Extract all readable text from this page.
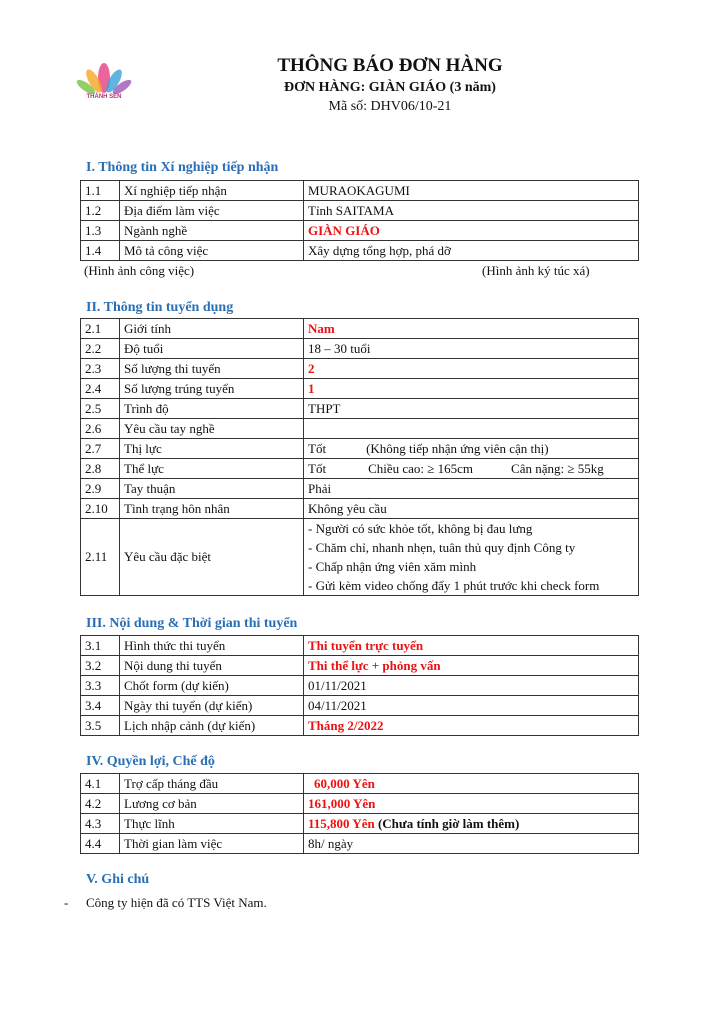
THÀNH SEN
THÔNG BÁO ĐƠN HÀNG
ĐƠN HÀNG: GIÀN GIÁO (3 năm)
Mã số: DHV06/10-21
I. Thông tin Xí nghiệp tiếp nhận
1.1	Xí nghiệp tiếp nhận	MURAOKAGUMI
1.2	Địa điểm làm việc	Tỉnh SAITAMA
1.3	Ngành nghề	GIÀN GIÁO
1.4	Mô tả công việc	Xây dựng tổng hợp, phá dỡ
(Hình ảnh công việc)	(Hình ảnh ký túc xá)
II. Thông tin tuyển dụng
2.1	Giới tính	Nam
2.2	Độ tuổi	18 – 30 tuổi
2.3	Số lượng thi tuyển	2
2.4	Số lượng trúng tuyển	1
2.5	Trình độ	THPT
2.6	Yêu cầu tay nghề	
2.7	Thị lực	Tốt (Không tiếp nhận ứng viên cận thị)
2.8	Thể lực	Tốt Chiều cao: ≥ 165cm Cân nặng: ≥ 55kg
2.9	Tay thuận	Phải
2.10	Tình trạng hôn nhân	Không yêu cầu
2.11	Yêu cầu đặc biệt	- Người có sức khỏe tốt, không bị đau lưng
- Chăm chỉ, nhanh nhẹn, tuân thủ quy định Công ty
- Chấp nhận ứng viên xăm mình
- Gửi kèm video chống đẩy 1 phút trước khi check form
III. Nội dung & Thời gian thi tuyển
3.1	Hình thức thi tuyển	Thi tuyển trực tuyến
3.2	Nội dung thi tuyển	Thi thể lực + phỏng vấn
3.3	Chốt form (dự kiến)	01/11/2021
3.4	Ngày thi tuyển (dự kiến)	04/11/2021
3.5	Lịch nhập cảnh (dự kiến)	Tháng 2/2022
IV. Quyền lợi, Chế độ
4.1	Trợ cấp tháng đầu	60,000 Yên
4.2	Lương cơ bản	161,000 Yên
4.3	Thực lĩnh	115,800 Yên (Chưa tính giờ làm thêm)
4.4	Thời gian làm việc	8h/ ngày
V. Ghi chú
- Công ty hiện đã có TTS Việt Nam.
